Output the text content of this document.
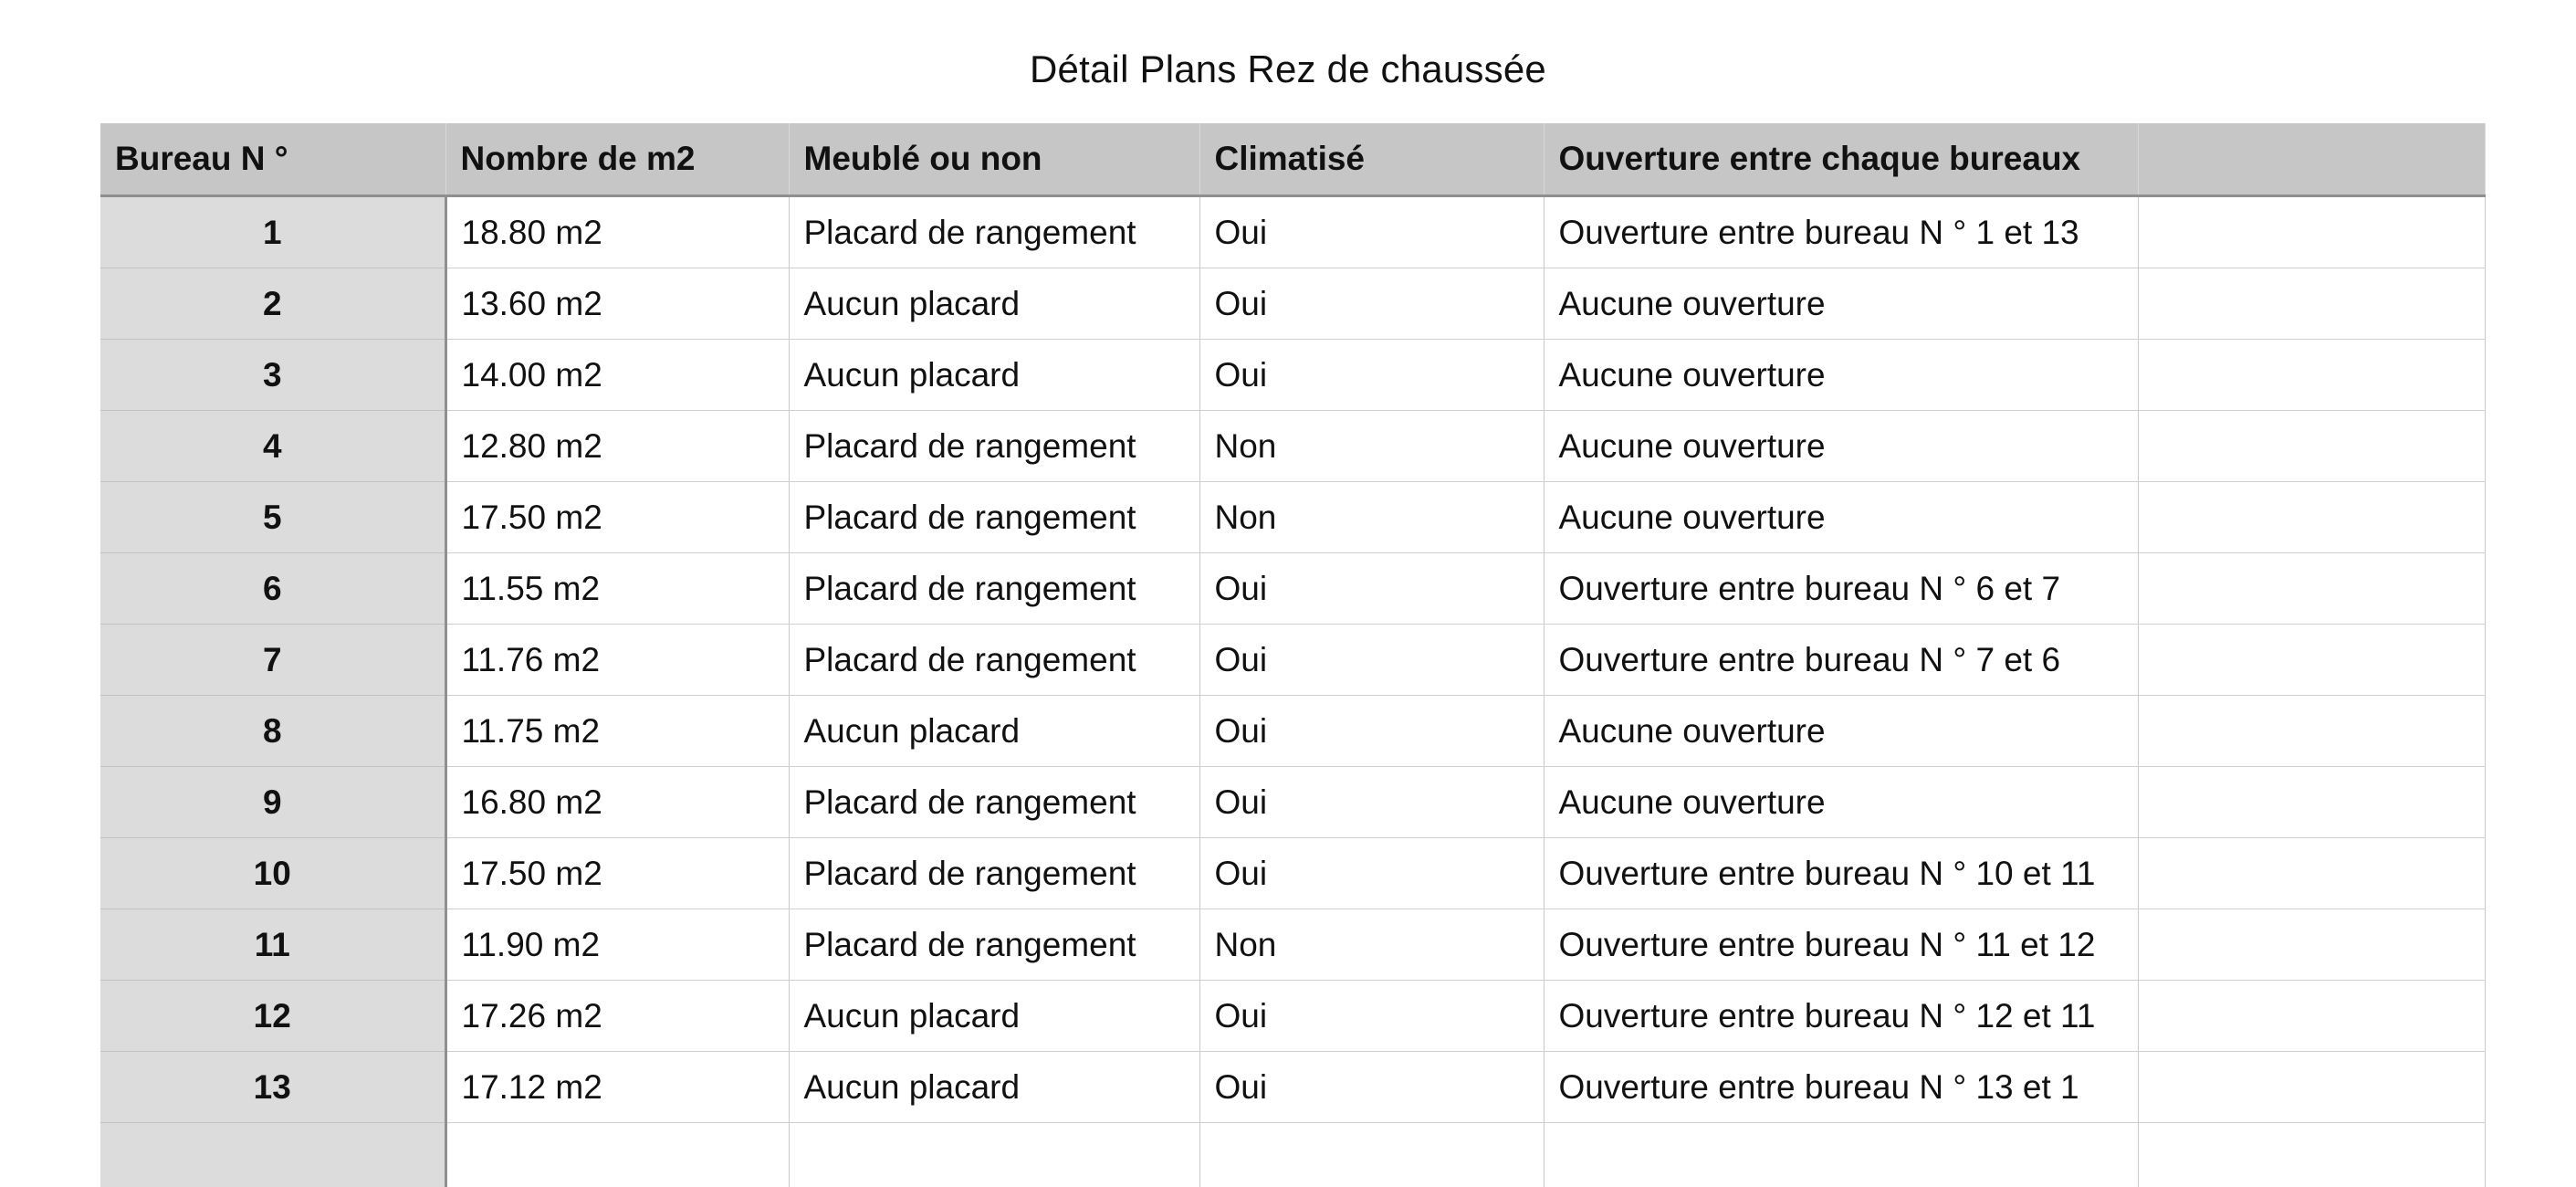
Détail Plans Rez de chaussée
Bureau N °	Nombre de m2	Meublé ou non	Climatisé	Ouverture entre chaque bureaux	
1	18.80 m2	Placard de rangement	Oui	Ouverture entre bureau N ° 1 et 13	
2	13.60 m2	Aucun placard	Oui	Aucune ouverture	
3	14.00 m2	Aucun placard	Oui	Aucune ouverture	
4	12.80 m2	Placard de rangement	Non	Aucune ouverture	
5	17.50 m2	Placard de rangement	Non	Aucune ouverture	
6	11.55 m2	Placard de rangement	Oui	Ouverture entre bureau N ° 6 et 7	
7	11.76 m2	Placard de rangement	Oui	Ouverture entre bureau N ° 7 et 6	
8	11.75 m2	Aucun placard	Oui	Aucune ouverture	
9	16.80 m2	Placard de rangement	Oui	Aucune ouverture	
10	17.50 m2	Placard de rangement	Oui	Ouverture entre bureau N ° 10 et 11	
11	11.90 m2	Placard de rangement	Non	Ouverture entre bureau N ° 11 et 12	
12	17.26 m2	Aucun placard	Oui	Ouverture entre bureau N ° 12 et 11	
13	17.12 m2	Aucun placard	Oui	Ouverture entre bureau N ° 13 et 1	
